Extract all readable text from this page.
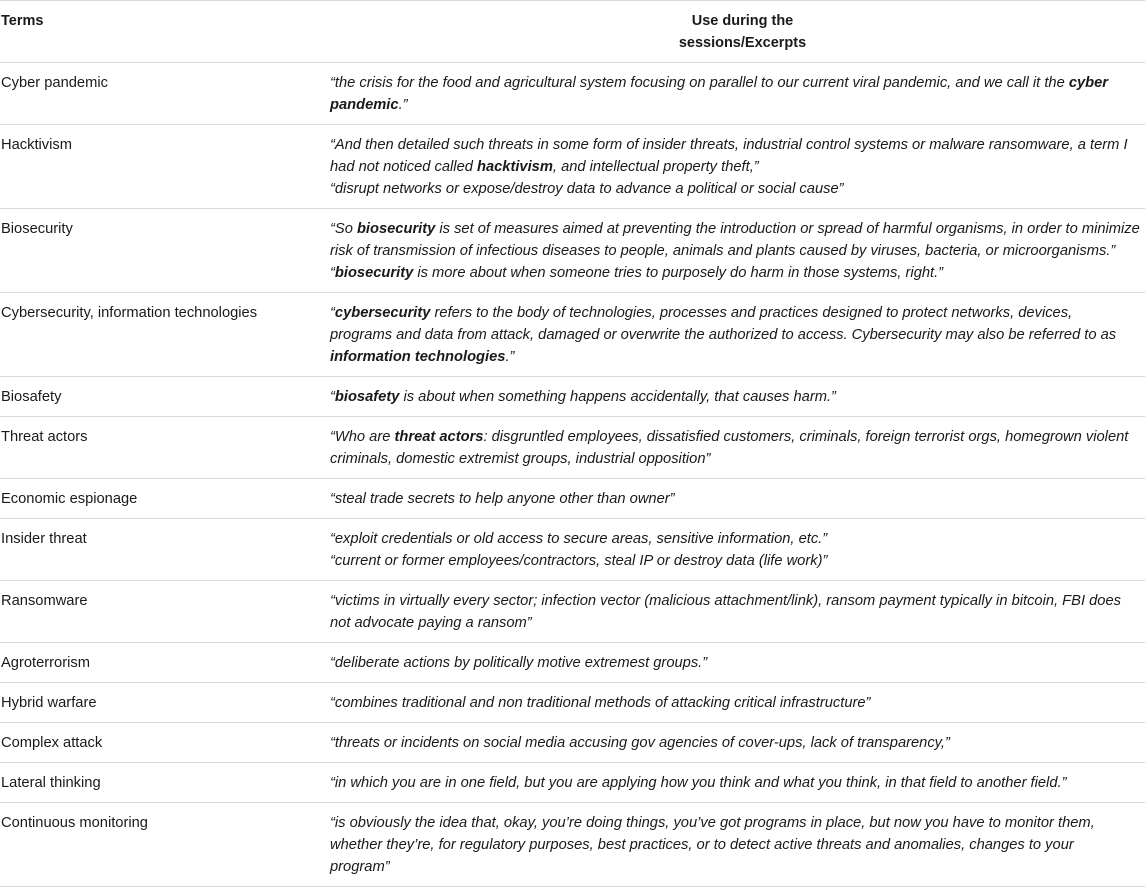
Terms	Use during the
sessions/Excerpts
Cyber pandemic	“the crisis for the food and agricultural system focusing on parallel to our current viral pandemic, and we call it the cyber
pandemic.”

Hacktivism	“And then detailed such threats in some form of insider threats, industrial control systems or malware ransomware, a term I
had not noticed called hacktivism, and intellectual property theft,”
“disrupt networks or expose/destroy data to advance a political or social cause”

Biosecurity	“So biosecurity is set of measures aimed at preventing the introduction or spread of harmful organisms, in order to minimize
risk of transmission of infectious diseases to people, animals and plants caused by viruses, bacteria, or microorganisms.”
“biosecurity is more about when someone tries to purposely do harm in those systems, right.”

Cybersecurity, information technologies	“cybersecurity refers to the body of technologies, processes and practices designed to protect networks, devices,
programs and data from attack, damaged or overwrite the authorized to access. Cybersecurity may also be referred to as
information technologies.”

Biosafety	“biosafety is about when something happens accidentally, that causes harm.”

Threat actors	“Who are threat actors: disgruntled employees, dissatisfied customers, criminals, foreign terrorist orgs, homegrown violent
criminals, domestic extremist groups, industrial opposition”

Economic espionage	“steal trade secrets to help anyone other than owner”

Insider threat	“exploit credentials or old access to secure areas, sensitive information, etc.”
“current or former employees/contractors, steal IP or destroy data (life work)”

Ransomware	“victims in virtually every sector; infection vector (malicious attachment/link), ransom payment typically in bitcoin, FBI does
not advocate paying a ransom”

Agroterrorism	“deliberate actions by politically motive extremest groups.”

Hybrid warfare	“combines traditional and non traditional methods of attacking critical infrastructure”

Complex attack	“threats or incidents on social media accusing gov agencies of cover-ups, lack of transparency,”

Lateral thinking	“in which you are in one field, but you are applying how you think and what you think, in that field to another field.”

Continuous monitoring	“is obviously the idea that, okay, you’re doing things, you’ve got programs in place, but now you have to monitor them,
whether they’re, for regulatory purposes, best practices, or to detect active threats and anomalies, changes to your
program”
